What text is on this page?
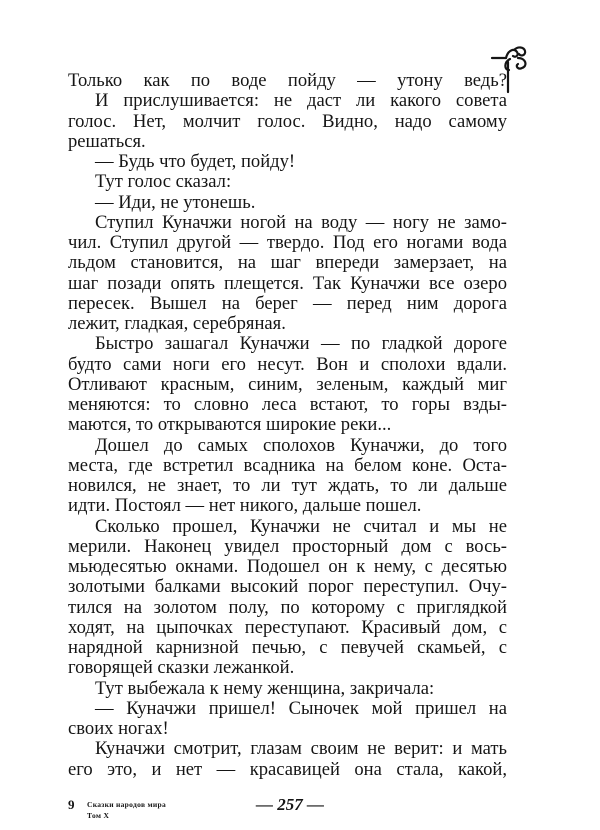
Только как по воде пойду — утону ведь?
И прислушивается: не даст ли какого совета
голос. Нет, молчит голос. Видно, надо самому
решаться.
— Будь что будет, пойду!
Тут голос сказал:
— Иди, не утонешь.
Ступил Куначжи ногой на воду — ногу не замо-
чил. Ступил другой — твердо. Под его ногами вода
льдом становится, на шаг впереди замерзает, на
шаг позади опять плещется. Так Куначжи все озеро
пересек. Вышел на берег — перед ним дорога
лежит, гладкая, серебряная.
Быстро зашагал Куначжи — по гладкой дороге
будто сами ноги его несут. Вон и сполохи вдали.
Отливают красным, синим, зеленым, каждый миг
меняются: то словно леса встают, то горы взды-
маются, то открываются широкие реки...
Дошел до самых сполохов Куначжи, до того
места, где встретил всадника на белом коне. Оста-
новился, не знает, то ли тут ждать, то ли дальше
идти. Постоял — нет никого, дальше пошел.
Сколько прошел, Куначжи не считал и мы не
мерили. Наконец увидел просторный дом с вось-
мьюдесятью окнами. Подошел он к нему, с десятью
золотыми балками высокий порог переступил. Очу-
тился на золотом полу, по которому с приглядкой
ходят, на цыпочках переступают. Красивый дом, с
нарядной карнизной печью, с певучей скамьей, с
говорящей сказки лежанкой.
Тут выбежала к нему женщина, закричала:
— Куначжи пришел! Сыночек мой пришел на
своих ногах!
Куначжи смотрит, глазам своим не верит: и мать
его это, и нет — красавицей она стала, какой,
9 Сказки народов мира
Том X
— 257 —
